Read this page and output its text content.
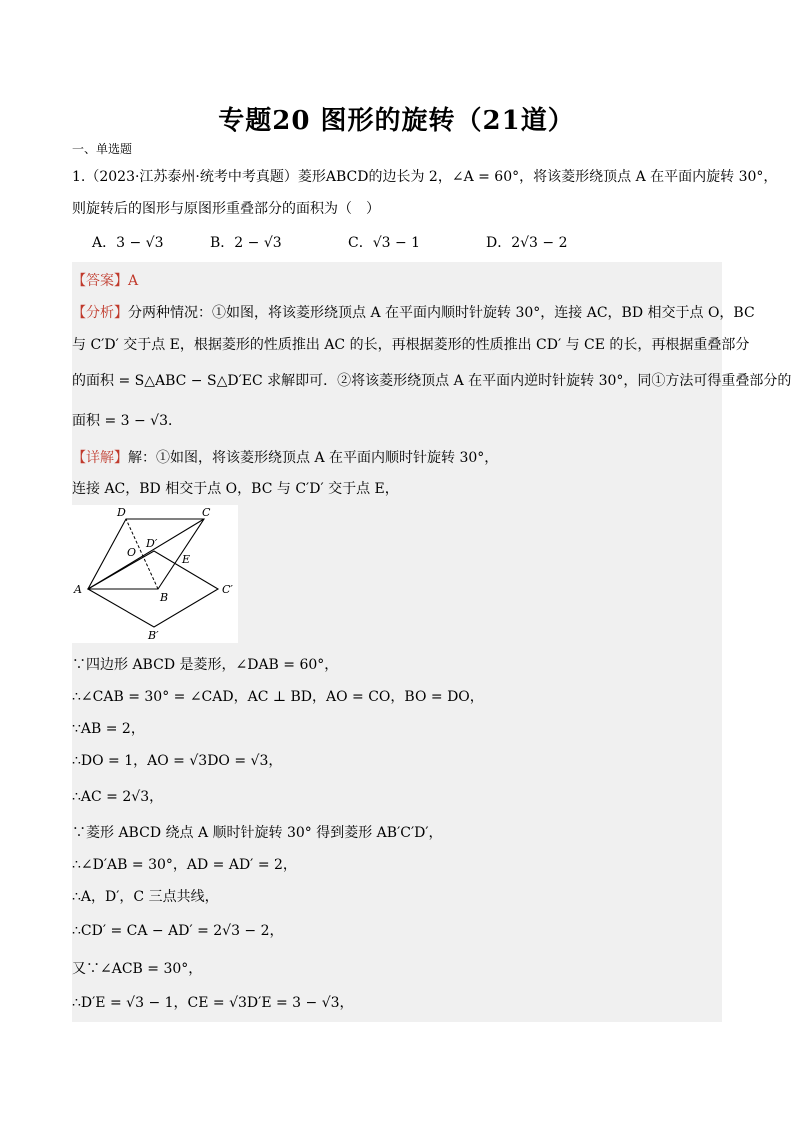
专题20 图形的旋转（21道）
一、单选题
1.（2023·江苏泰州·统考中考真题）菱形ABCD的边长为 2，∠A = 60°，将该菱形绕顶点 A 在平面内旋转 30°，
则旋转后的图形与原图形重叠部分的面积为（　）
A．3 − √3	B．2 − √3	C．√3 − 1	D．2√3 − 2
【答案】A
【分析】分两种情况：①如图，将该菱形绕顶点 A 在平面内顺时针旋转 30°，连接 AC，BD 相交于点 O，BC
与 C′D′ 交于点 E，根据菱形的性质推出 AC 的长，再根据菱形的性质推出 CD′ 与 CE 的长，再根据重叠部分
的面积 = S△ABC − S△D′EC 求解即可．②将该菱形绕顶点 A 在平面内逆时针旋转 30°，同①方法可得重叠部分的
面积 = 3 − √3．
【详解】解：①如图，将该菱形绕顶点 A 在平面内顺时针旋转 30°，
连接 AC，BD 相交于点 O，BC 与 C′D′ 交于点 E，
D	C
O
D′
E
A
B
C′
B′
∵四边形 ABCD 是菱形，∠DAB = 60°，
∴∠CAB = 30° = ∠CAD，AC ⊥ BD，AO = CO，BO = DO，
∵AB = 2，
∴DO = 1，AO = √3DO = √3，
∴AC = 2√3，
∵菱形 ABCD 绕点 A 顺时针旋转 30° 得到菱形 AB′C′D′，
∴∠D′AB = 30°，AD = AD′ = 2，
∴A，D′，C 三点共线，
∴CD′ = CA − AD′ = 2√3 − 2，
又∵∠ACB = 30°，
∴D′E = √3 − 1，CE = √3D′E = 3 − √3，
